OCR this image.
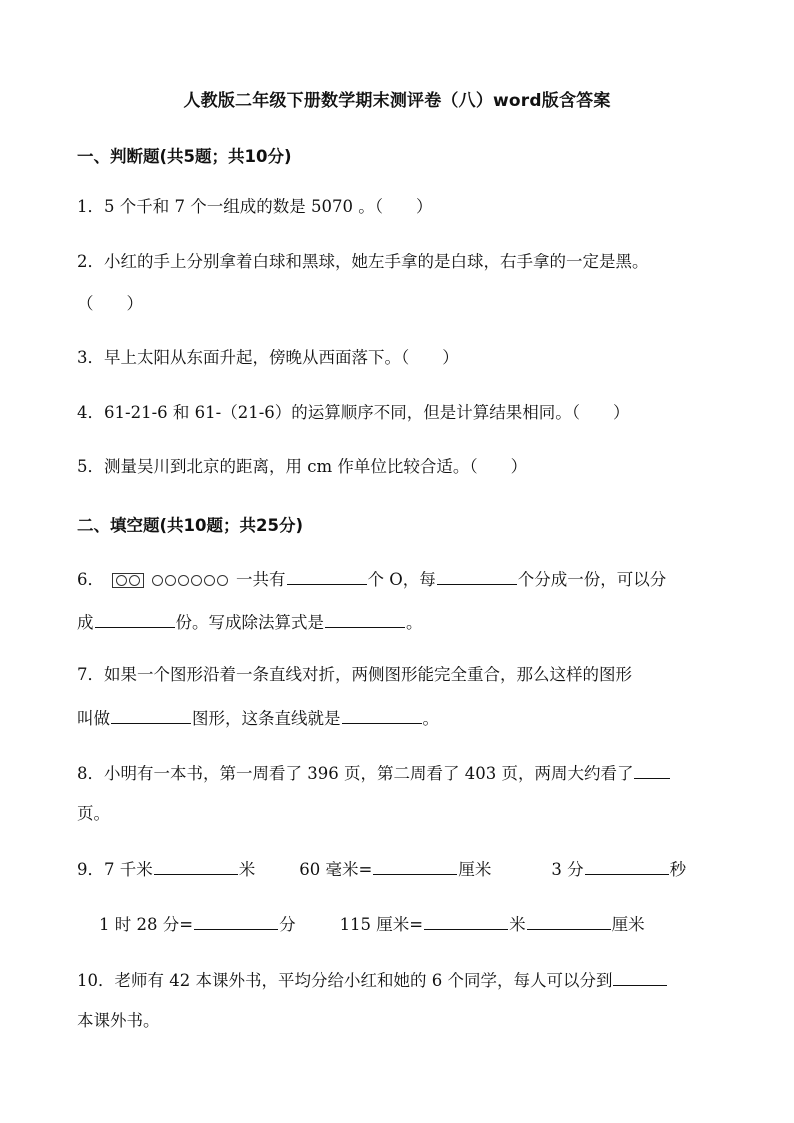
人教版二年级下册数学期末测评卷（八）word版含答案
一、判断题(共5题；共10分)
1．5 个千和 7 个一组成的数是 5070 。（　　）
2．小红的手上分别拿着白球和黑球，她左手拿的是白球，右手拿的一定是黑。
（　　）
3．早上太阳从东面升起，傍晚从西面落下。（　　）
4．61-21-6 和 61-（21-6）的运算顺序不同，但是计算结果相同。（　　）
5．测量吴川到北京的距离，用 cm 作单位比较合适。（　　）
二、填空题(共10题；共25分)
6．	一共有	个 O，每	个分成一份，可以分
成	份。写成除法算式是	。
7．如果一个图形沿着一条直线对折，两侧图形能完全重合，那么这样的图形
叫做	图形，这条直线就是	。
8．小明有一本书，第一周看了 396 页，第二周看了 403 页，两周大约看了
页。
9．7 千米	米	60 毫米=	厘米	3 分	秒
1 时 28 分=	分	115 厘米=	米	厘米
10．老师有 42 本课外书，平均分给小红和她的 6 个同学，每人可以分到
本课外书。
